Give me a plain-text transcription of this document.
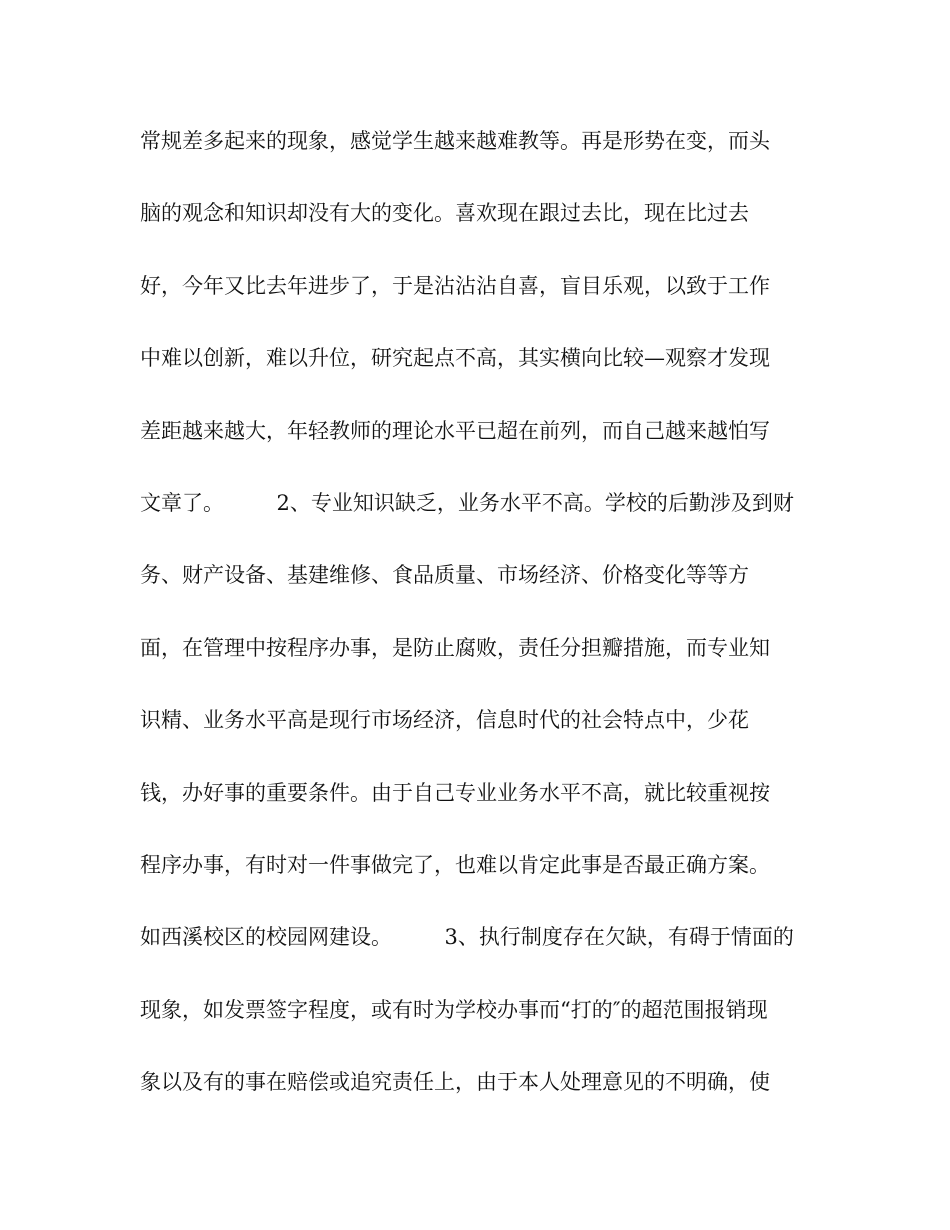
常规差多起来的现象，感觉学生越来越难教等。再是形势在变，而头

脑的观念和知识却没有大的变化。喜欢现在跟过去比，现在比过去

好，今年又比去年进步了，于是沾沾沾自喜，盲目乐观，以致于工作

中难以创新，难以升位，研究起点不高，其实横向比较—观察才发现

差距越来越大，年轻教师的理论水平已超在前列，而自己越来越怕写

文章了。　　　2、专业知识缺乏，业务水平不高。学校的后勤涉及到财

务、财产设备、基建维修、食品质量、市场经济、价格变化等等方

面，在管理中按程序办事，是防止腐败，责任分担瓣措施，而专业知

识精、业务水平高是现行市场经济，信息时代的社会特点中，少花

钱，办好事的重要条件。由于自己专业业务水平不高，就比较重视按

程序办事，有时对一件事做完了，也难以肯定此事是否最正确方案。

如西溪校区的校园网建设。　　　3、执行制度存在欠缺，有碍于情面的

现象，如发票签字程度，或有时为学校办事而“打的″的超范围报销现

象以及有的事在赔偿或追究责任上，由于本人处理意见的不明确，使
